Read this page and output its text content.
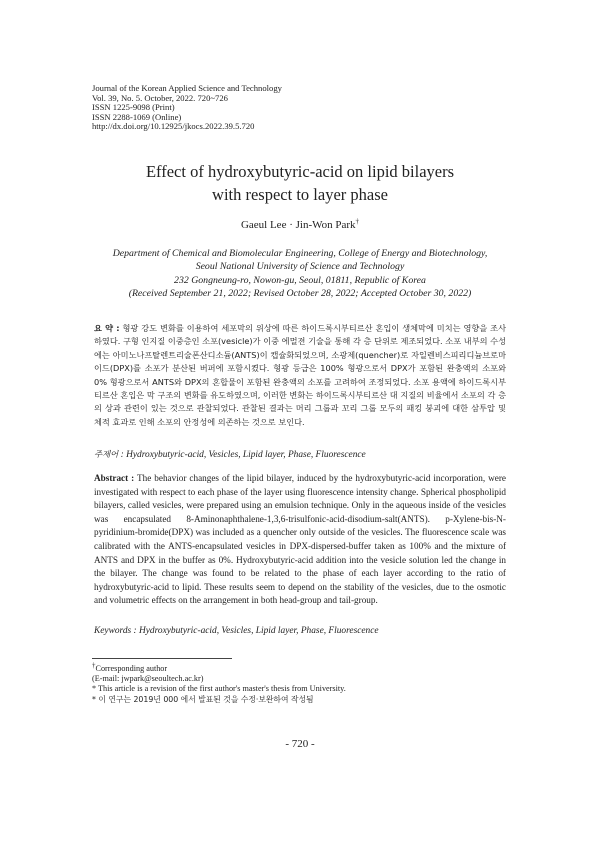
Journal of the Korean Applied Science and Technology
Vol. 39, No. 5. October, 2022. 720~726
ISSN 1225-9098 (Print)
ISSN 2288-1069 (Online)
http://dx.doi.org/10.12925/jkocs.2022.39.5.720
Effect of hydroxybutyric-acid on lipid bilayers
with respect to layer phase
Gaeul Lee · Jin-Won Park†
Department of Chemical and Biomolecular Engineering, College of Energy and Biotechnology,
Seoul National University of Science and Technology
232 Gongneung-ro, Nowon-gu, Seoul, 01811, Republic of Korea
(Received September 21, 2022; Revised October 28, 2022; Accepted October 30, 2022)
요 약 : 형광 강도 변화를 이용하여 세포막의 위상에 따른 하이드록시부티르산 혼입이 생체막에 미치는 영향을 조사하였다. 구형 인지질 이중층인 소포(vesicle)가 이중 에멀젼 기술을 통해 각 층 단위로 제조되었다. 소포 내부의 수성에는 아미노나프탈렌트리술폰산디소듐(ANTS)이 캡슐화되었으며, 소광제(quencher)로 자일렌비스피리디늄브로마이드(DPX)를 소포가 분산된 버퍼에 포함시켰다. 형광 등급은 100% 형광으로서 DPX가 포함된 완충액의 소포와 0% 형광으로서 ANTS와 DPX의 혼합물이 포함된 완충액의 소포를 고려하여 조정되었다. 소포 용액에 하이드록시부티르산 혼입은 막 구조의 변화를 유도하였으며, 이러한 변화는 하이드록시부티르산 대 지질의 비율에서 소포의 각 층의 상과 관련이 있는 것으로 관찰되었다. 관찰된 결과는 머리 그룹과 꼬리 그룹 모두의 패킹 붕괴에 대한 삼투압 및 체적 효과로 인해 소포의 안정성에 의존하는 것으로 보인다.
주제어 : Hydroxybutyric-acid, Vesicles, Lipid layer, Phase, Fluorescence
Abstract : The behavior changes of the lipid bilayer, induced by the hydroxybutyric-acid incorporation, were investigated with respect to each phase of the layer using fluorescence intensity change. Spherical phospholipid bilayers, called vesicles, were prepared using an emulsion technique. Only in the aqueous inside of the vesicles was encapsulated 8-Aminonaphthalene-1,3,6-trisulfonic-acid-disodium-salt(ANTS). p-Xylene-bis-N-pyridinium-bromide(DPX) was included as a quencher only outside of the vesicles. The fluorescence scale was calibrated with the ANTS-encapsulated vesicles in DPX-dispersed-buffer taken as 100% and the mixture of ANTS and DPX in the buffer as 0%. Hydroxybutyric-acid addition into the vesicle solution led the change in the bilayer. The change was found to be related to the phase of each layer according to the ratio of hydroxybutyric-acid to lipid. These results seem to depend on the stability of the vesicles, due to the osmotic and volumetric effects on the arrangement in both head-group and tail-group.
Keywords : Hydroxybutyric-acid, Vesicles, Lipid layer, Phase, Fluorescence
†Corresponding author
(E-mail: jwpark@seoultech.ac.kr)
* This article is a revision of the first author's master's thesis from University.
* 이 연구는 2019년 000 에서 발표된 것을 수정·보완하여 작성됨
- 720 -
